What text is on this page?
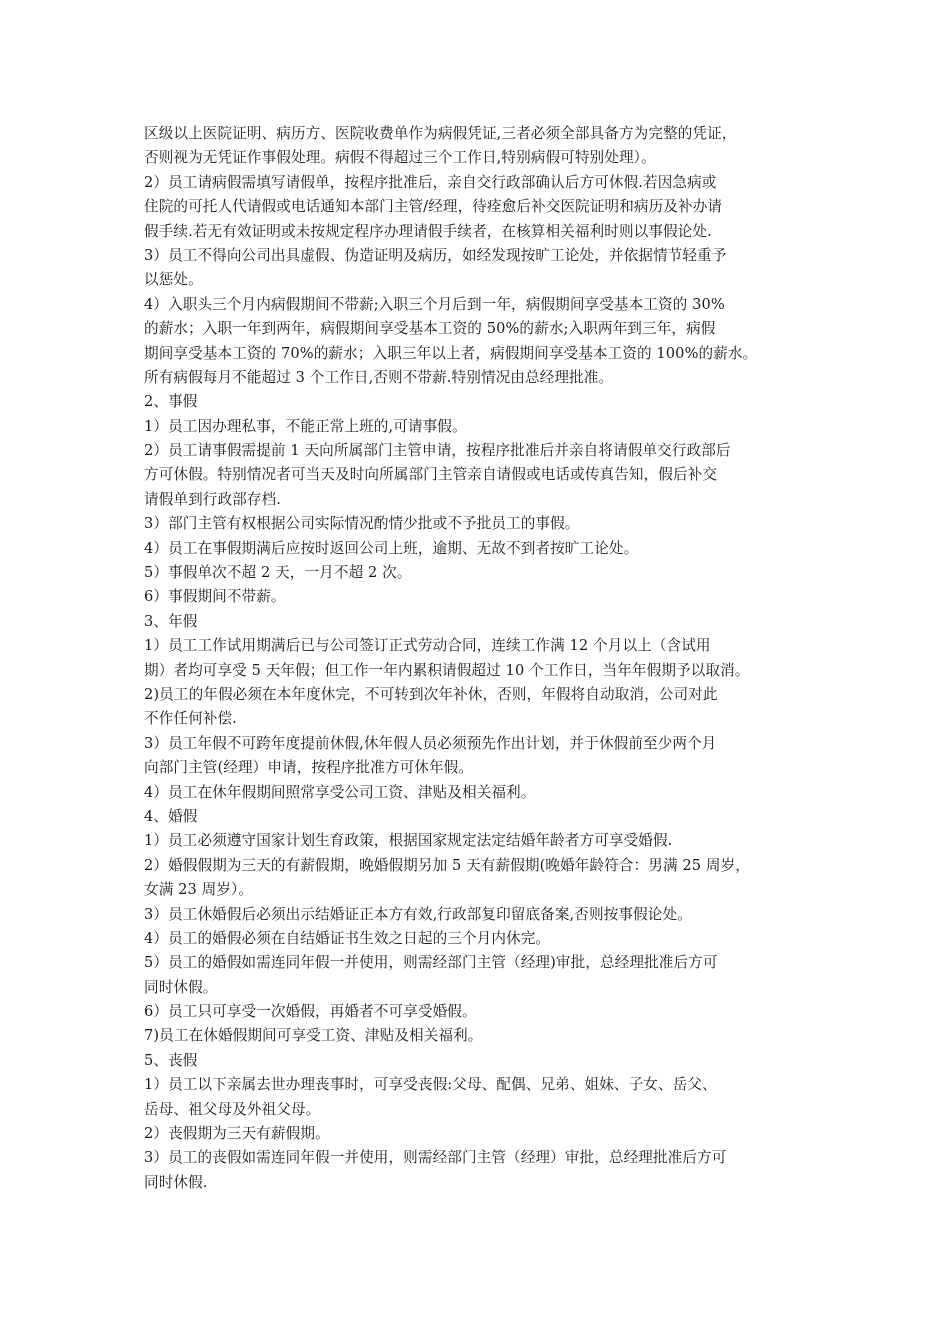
区级以上医院证明、病历方、医院收费单作为病假凭证,三者必须全部具备方为完整的凭证，
否则视为无凭证作事假处理。病假不得超过三个工作日,特别病假可特别处理）。
2）员工请病假需填写请假单，按程序批准后，亲自交行政部确认后方可休假.若因急病或
住院的可托人代请假或电话通知本部门主管/经理，待痊愈后补交医院证明和病历及补办请
假手续.若无有效证明或未按规定程序办理请假手续者，在核算相关福利时则以事假论处.
3）员工不得向公司出具虚假、伪造证明及病历，如经发现按旷工论处，并依据情节轻重予
以惩处。
4）入职头三个月内病假期间不带薪;入职三个月后到一年，病假期间享受基本工资的 30%
的薪水；入职一年到两年，病假期间享受基本工资的 50%的薪水;入职两年到三年，病假
期间享受基本工资的 70%的薪水；入职三年以上者，病假期间享受基本工资的 100%的薪水。
所有病假每月不能超过 3 个工作日,否则不带薪.特别情况由总经理批准。
2、事假
1）员工因办理私事，不能正常上班的,可请事假。
2）员工请事假需提前 1 天向所属部门主管申请，按程序批准后并亲自将请假单交行政部后
方可休假。特别情况者可当天及时向所属部门主管亲自请假或电话或传真告知，假后补交
请假单到行政部存档.
3）部门主管有权根据公司实际情况酌情少批或不予批员工的事假。
4）员工在事假期满后应按时返回公司上班，逾期、无故不到者按旷工论处。
5）事假单次不超 2 天，一月不超 2 次。
6）事假期间不带薪。
3、年假
1）员工工作试用期满后已与公司签订正式劳动合同，连续工作满 12 个月以上（含试用
期）者均可享受 5 天年假；但工作一年内累积请假超过 10 个工作日，当年年假期予以取消。
2)员工的年假必须在本年度休完，不可转到次年补休，否则，年假将自动取消，公司对此
不作任何补偿.
3）员工年假不可跨年度提前休假,休年假人员必须预先作出计划，并于休假前至少两个月
向部门主管(经理）申请，按程序批准方可休年假。
4）员工在休年假期间照常享受公司工资、津贴及相关福利。
4、婚假
1）员工必须遵守国家计划生育政策，根据国家规定法定结婚年龄者方可享受婚假.
2）婚假假期为三天的有薪假期，晚婚假期另加 5 天有薪假期(晚婚年龄符合：男满 25 周岁，
女满 23 周岁）。
3）员工休婚假后必须出示结婚证正本方有效,行政部复印留底备案,否则按事假论处。
4）员工的婚假必须在自结婚证书生效之日起的三个月内休完。
5）员工的婚假如需连同年假一并使用，则需经部门主管（经理)审批，总经理批准后方可
同时休假。
6）员工只可享受一次婚假，再婚者不可享受婚假。
7)员工在休婚假期间可享受工资、津贴及相关福利。
5、丧假
1）员工以下亲属去世办理丧事时，可享受丧假:父母、配偶、兄弟、姐妹、子女、岳父、
岳母、祖父母及外祖父母。
2）丧假期为三天有薪假期。
3）员工的丧假如需连同年假一并使用，则需经部门主管（经理）审批，总经理批准后方可
同时休假.
